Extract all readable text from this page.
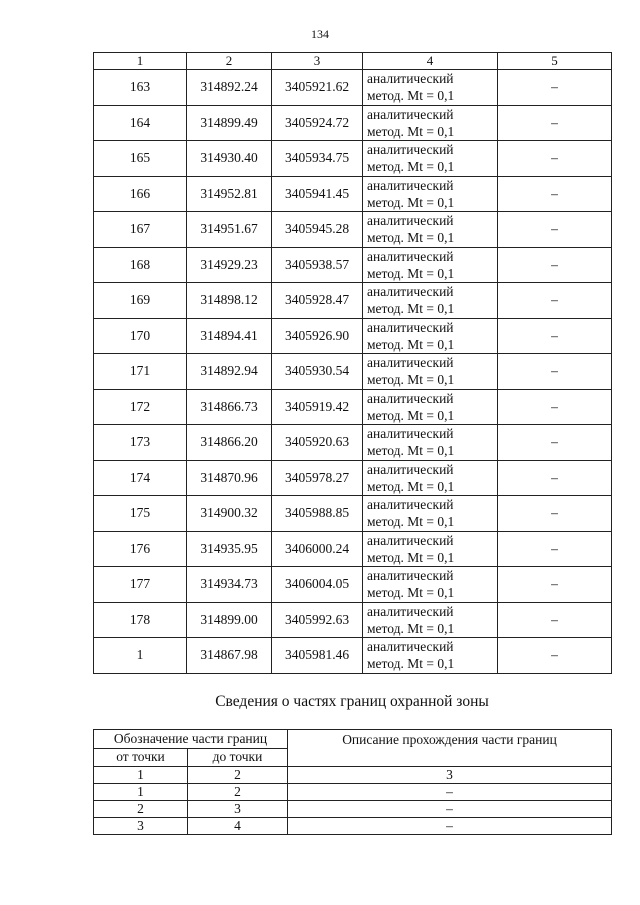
134
1	2	3	4	5
163	314892.24	3405921.62	аналитический
метод. Mt = 0,1	–
164	314899.49	3405924.72	аналитический
метод. Mt = 0,1	–
165	314930.40	3405934.75	аналитический
метод. Mt = 0,1	–
166	314952.81	3405941.45	аналитический
метод. Mt = 0,1	–
167	314951.67	3405945.28	аналитический
метод. Mt = 0,1	–
168	314929.23	3405938.57	аналитический
метод. Mt = 0,1	–
169	314898.12	3405928.47	аналитический
метод. Mt = 0,1	–
170	314894.41	3405926.90	аналитический
метод. Mt = 0,1	–
171	314892.94	3405930.54	аналитический
метод. Mt = 0,1	–
172	314866.73	3405919.42	аналитический
метод. Mt = 0,1	–
173	314866.20	3405920.63	аналитический
метод. Mt = 0,1	–
174	314870.96	3405978.27	аналитический
метод. Mt = 0,1	–
175	314900.32	3405988.85	аналитический
метод. Mt = 0,1	–
176	314935.95	3406000.24	аналитический
метод. Mt = 0,1	–
177	314934.73	3406004.05	аналитический
метод. Mt = 0,1	–
178	314899.00	3405992.63	аналитический
метод. Mt = 0,1	–
1	314867.98	3405981.46	аналитический
метод. Mt = 0,1	–
Сведения о частях границ охранной зоны
Обозначение части границ		Описание прохождения части границ
от точки	до точки	
1	2	3
1	2	–
2	3	–
3	4	–
